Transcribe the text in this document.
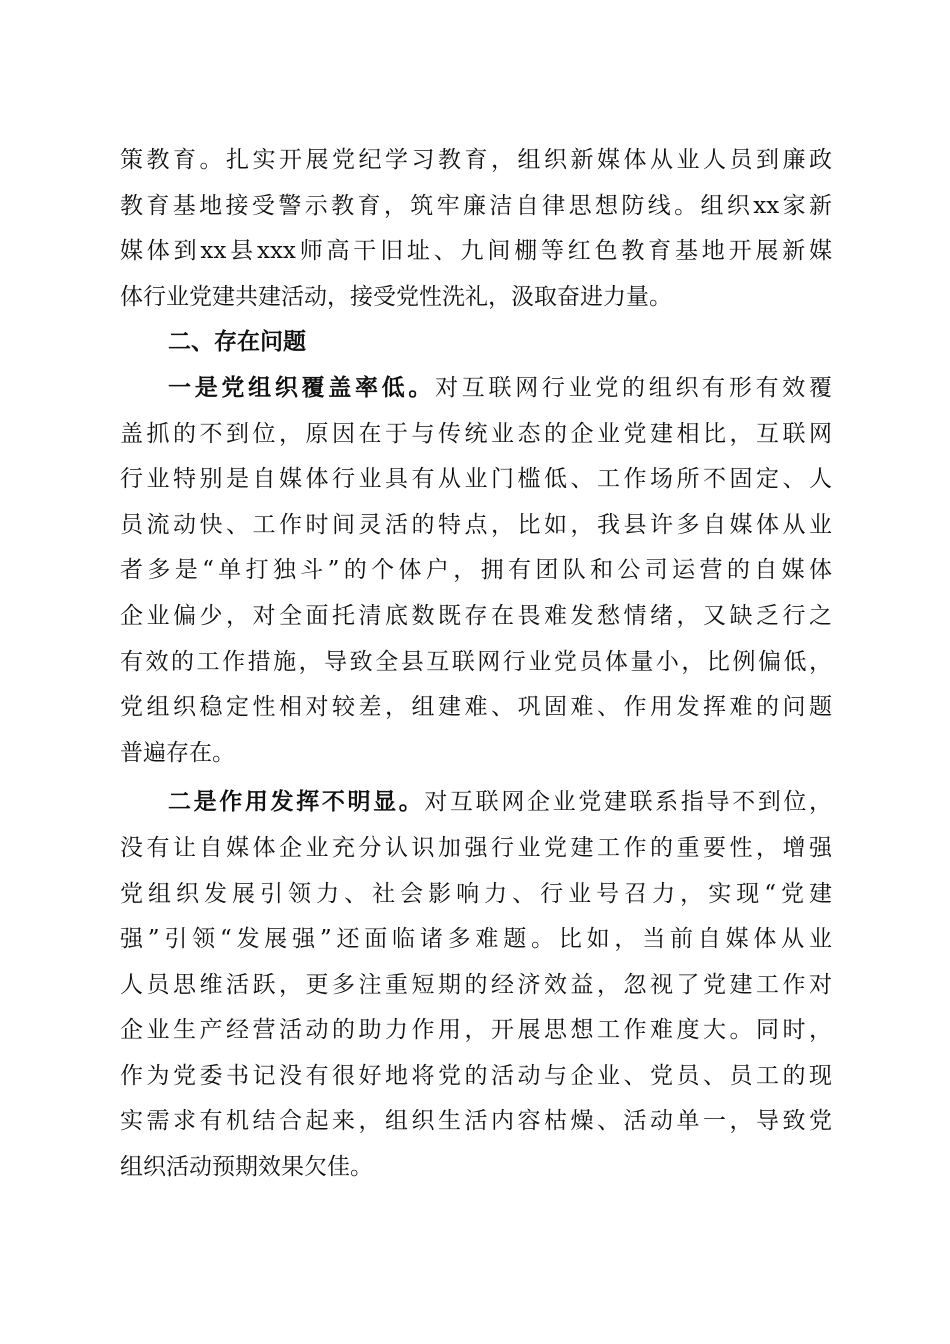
策教育。扎实开展党纪学习教育，组织新媒体从业人员到廉政
教育基地接受警示教育，筑牢廉洁自律思想防线。组织xx家新
媒体到xx县xxx师高干旧址、九间棚等红色教育基地开展新媒
体行业党建共建活动，接受党性洗礼，汲取奋进力量。
二、存在问题
一是党组织覆盖率低。对互联网行业党的组织有形有效覆
盖抓的不到位，原因在于与传统业态的企业党建相比，互联网
行业特别是自媒体行业具有从业门槛低、工作场所不固定、人
员流动快、工作时间灵活的特点，比如，我县许多自媒体从业
者多是“单打独斗”的个体户，拥有团队和公司运营的自媒体
企业偏少，对全面托清底数既存在畏难发愁情绪，又缺乏行之
有效的工作措施，导致全县互联网行业党员体量小，比例偏低，
党组织稳定性相对较差，组建难、巩固难、作用发挥难的问题
普遍存在。
二是作用发挥不明显。对互联网企业党建联系指导不到位，
没有让自媒体企业充分认识加强行业党建工作的重要性，增强
党组织发展引领力、社会影响力、行业号召力，实现“党建
强”引领“发展强”还面临诸多难题。比如，当前自媒体从业
人员思维活跃，更多注重短期的经济效益，忽视了党建工作对
企业生产经营活动的助力作用，开展思想工作难度大。同时，
作为党委书记没有很好地将党的活动与企业、党员、员工的现
实需求有机结合起来，组织生活内容枯燥、活动单一，导致党
组织活动预期效果欠佳。
